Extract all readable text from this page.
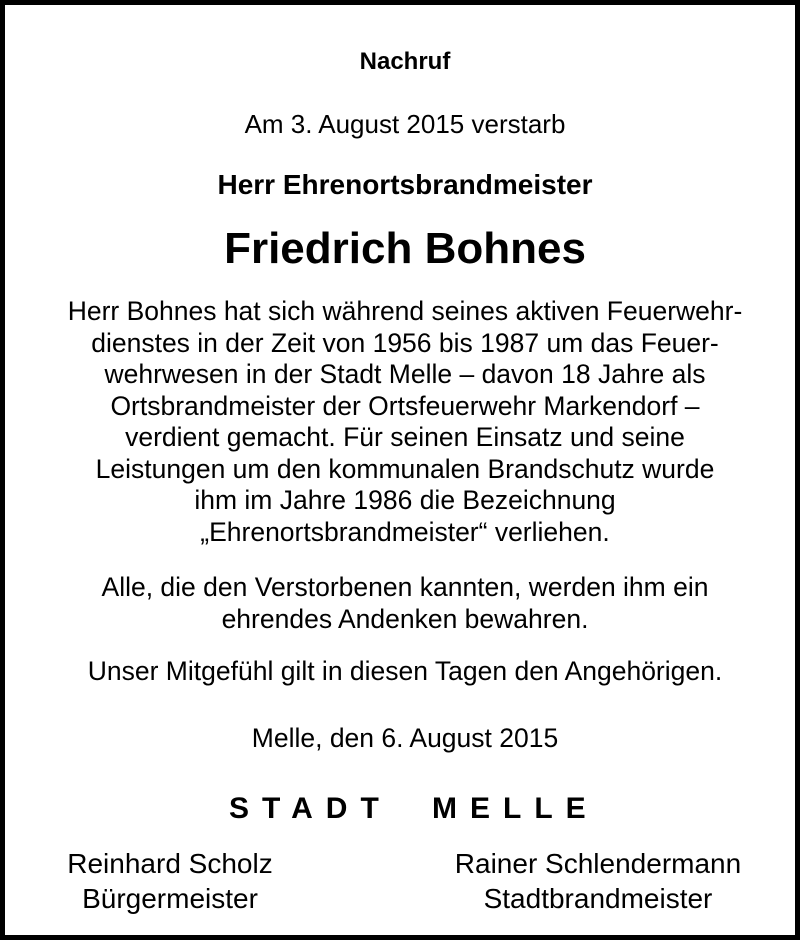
Nachruf
Am 3. August 2015 verstarb
Herr Ehrenortsbrandmeister
Friedrich Bohnes
Herr Bohnes hat sich während seines aktiven Feuerwehr-
dienstes in der Zeit von 1956 bis 1987 um das Feuer-
wehrwesen in der Stadt Melle – davon 18 Jahre als
Ortsbrandmeister der Ortsfeuerwehr Markendorf –
verdient gemacht. Für seinen Einsatz und seine
Leistungen um den kommunalen Brandschutz wurde
ihm im Jahre 1986 die Bezeichnung
„Ehrenortsbrandmeister“ verliehen.
Alle, die den Verstorbenen kannten, werden ihm ein
ehrendes Andenken bewahren.
Unser Mitgefühl gilt in diesen Tagen den Angehörigen.
Melle, den 6. August 2015
STADT MELLE
Reinhard Scholz
Bürgermeister
Rainer Schlendermann
Stadtbrandmeister
